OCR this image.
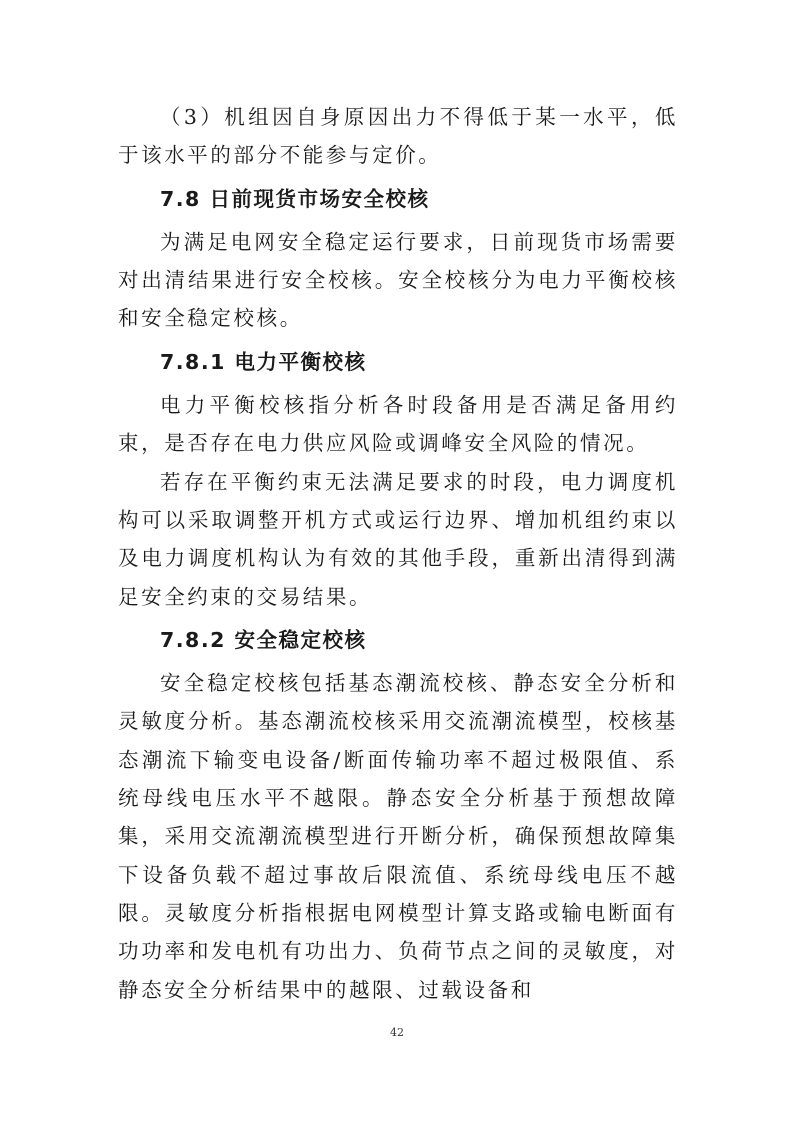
（3）机组因自身原因出力不得低于某一水平，低于该水平的部分不能参与定价。

7.8 日前现货市场安全校核

为满足电网安全稳定运行要求，日前现货市场需要对出清结果进行安全校核。安全校核分为电力平衡校核和安全稳定校核。

7.8.1 电力平衡校核

电力平衡校核指分析各时段备用是否满足备用约束，是否存在电力供应风险或调峰安全风险的情况。

若存在平衡约束无法满足要求的时段，电力调度机构可以采取调整开机方式或运行边界、增加机组约束以及电力调度机构认为有效的其他手段，重新出清得到满足安全约束的交易结果。

7.8.2 安全稳定校核

安全稳定校核包括基态潮流校核、静态安全分析和灵敏度分析。基态潮流校核采用交流潮流模型，校核基态潮流下输变电设备/断面传输功率不超过极限值、系统母线电压水平不越限。静态安全分析基于预想故障集，采用交流潮流模型进行开断分析，确保预想故障集下设备负载不超过事故后限流值、系统母线电压不越限。灵敏度分析指根据电网模型计算支路或输电断面有功功率和发电机有功出力、负荷节点之间的灵敏度，对静态安全分析结果中的越限、过载设备和

42
